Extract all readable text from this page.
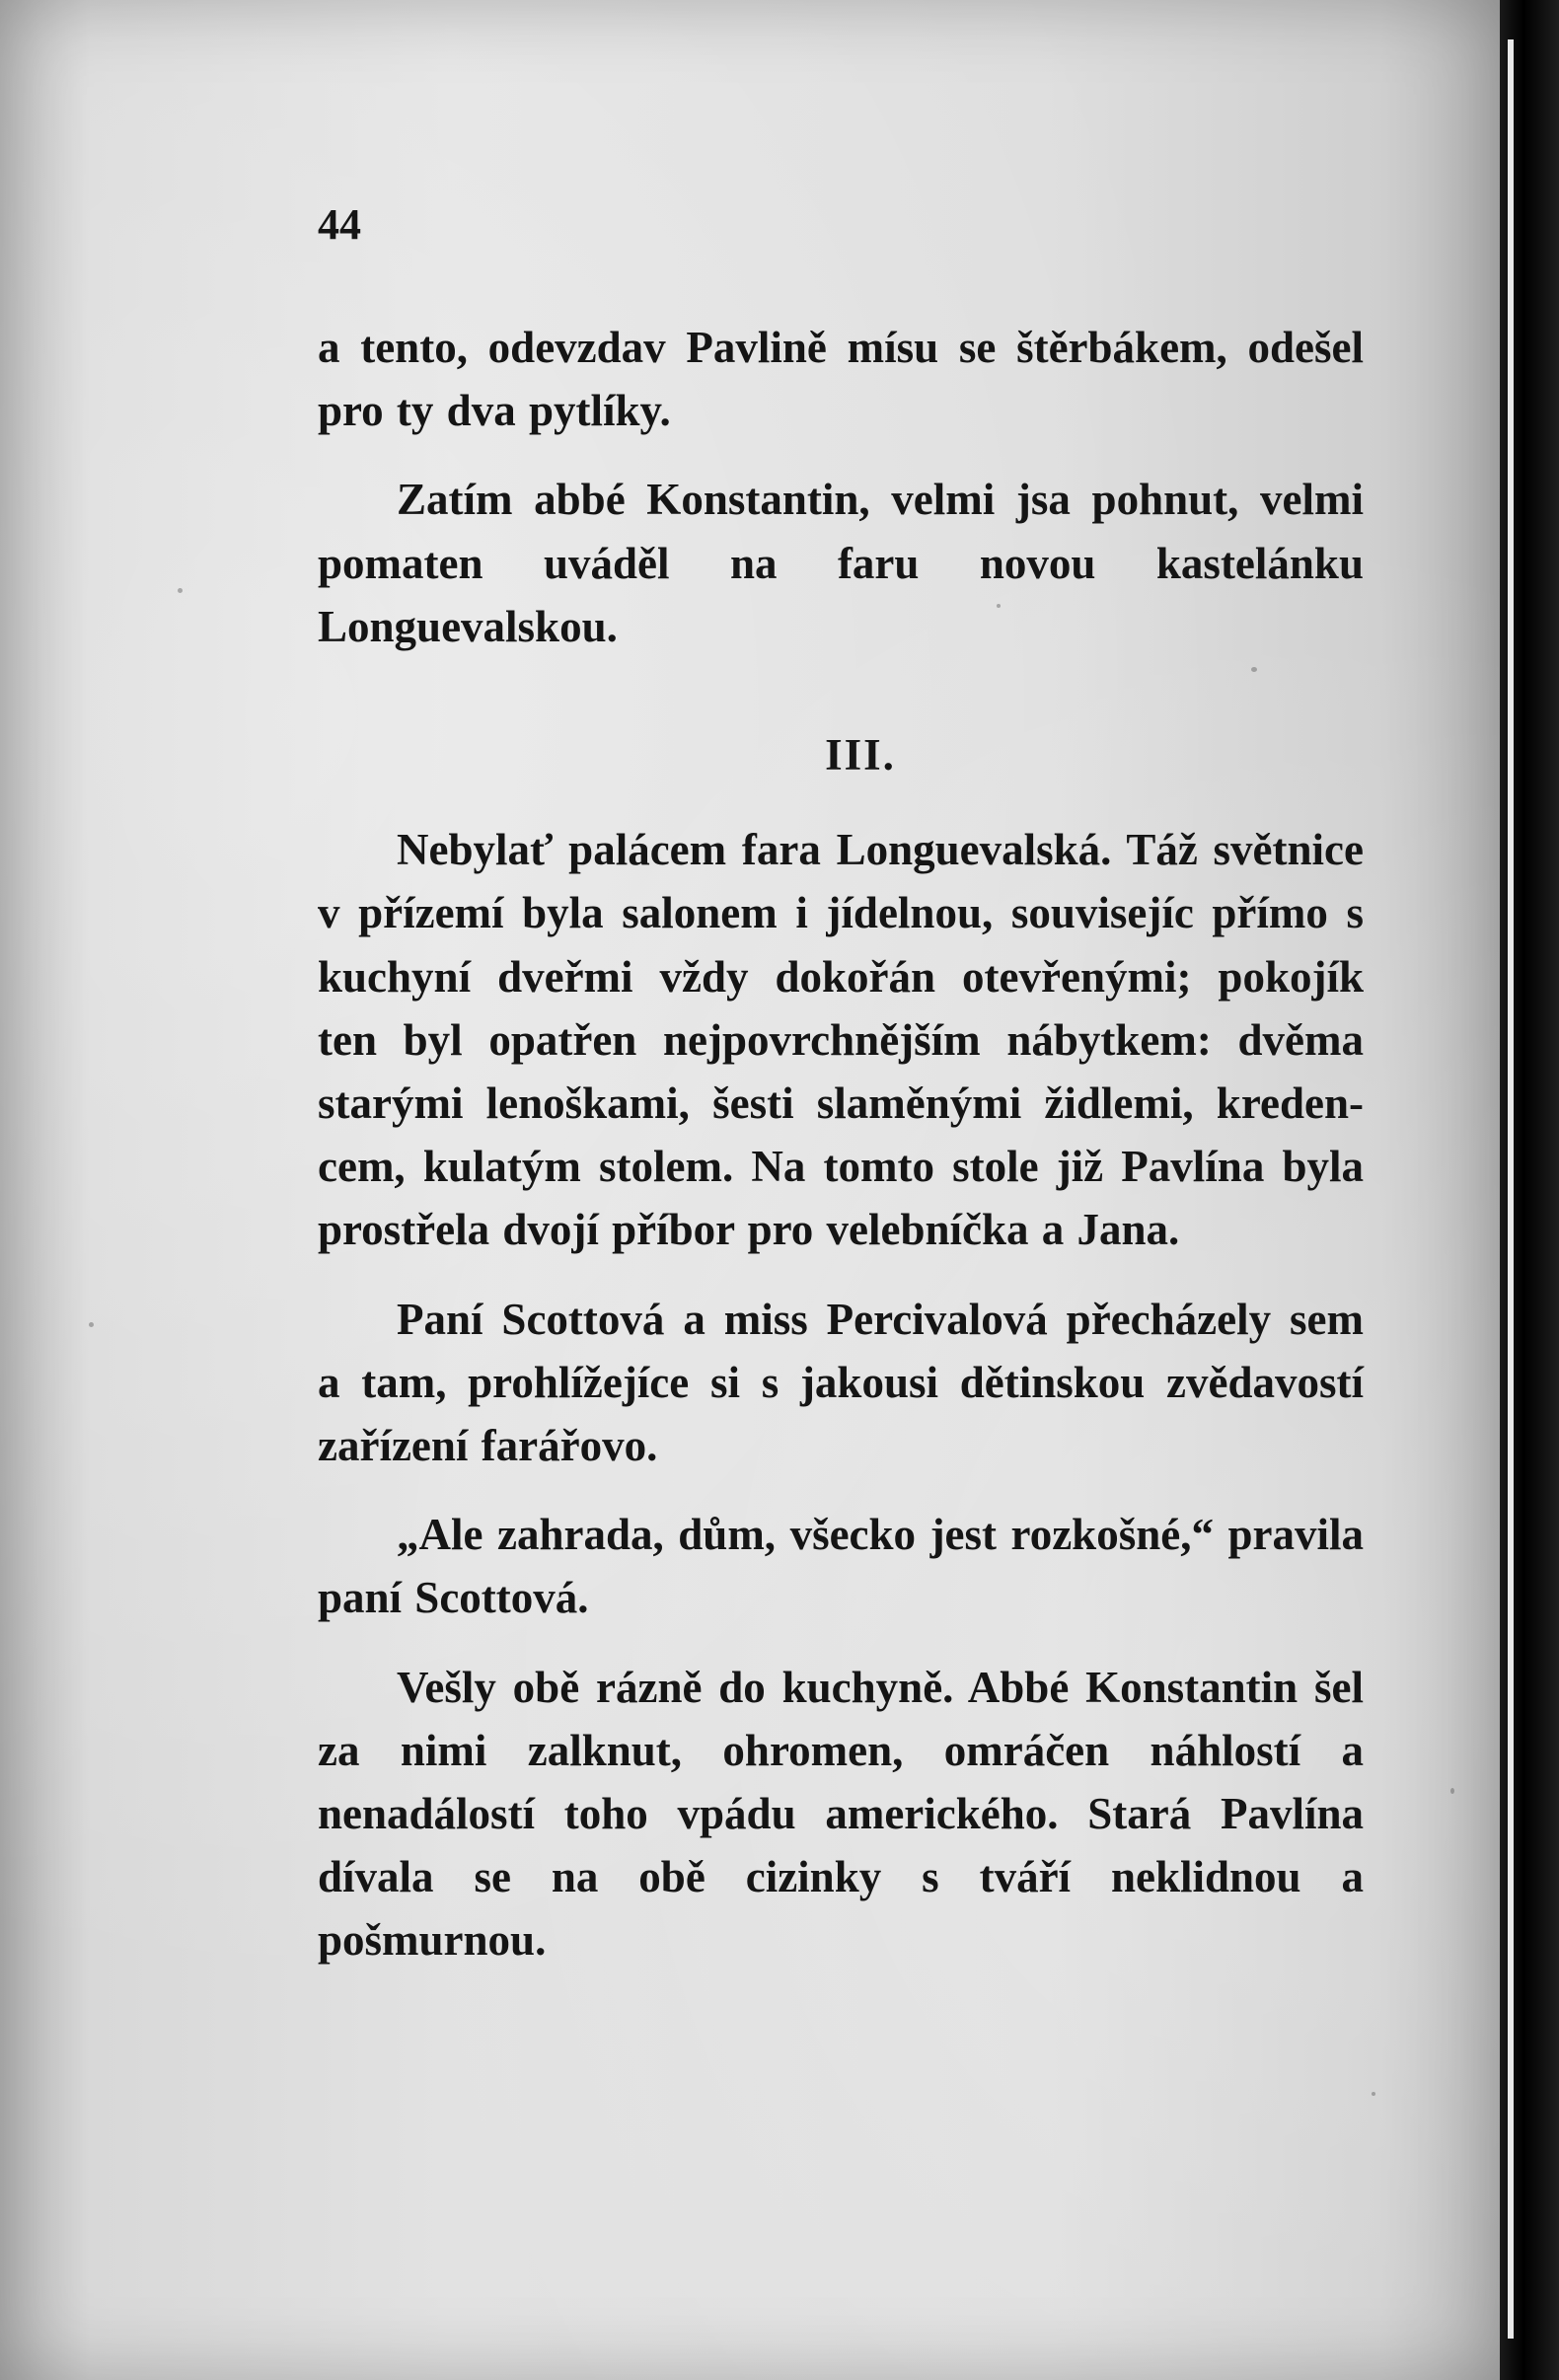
44

a tento, odevzdav Pavlině mísu se štěrbákem, odešel pro ty dva pytlíky.

Zatím abbé Konstantin, velmi jsa pohnut, velmi pomaten uváděl na faru novou kastelánku Longuevalskou.

III.

Nebylať palácem fara Longuevalská. Táž světnice v přízemí byla salonem i jídelnou, souvisejíc přímo s kuchyní dveřmi vždy dokořán otevřenými; pokojík ten byl opatřen nejpovrchnějším nábytkem: dvěma starými lenoškami, šesti slaměnými židlemi, kredencem, kulatým stolem. Na tomto stole již Pavlína byla prostřela dvojí příbor pro velebníčka a Jana.

Paní Scottová a miss Percivalová přecházely sem a tam, prohlížejíce si s jakousi dětinskou zvědavostí zařízení farářovo.

„Ale zahrada, dům, všecko jest rozkošné,“ pravila paní Scottová.

Vešly obě rázně do kuchyně. Abbé Konstantin šel za nimi zalknut, ohromen, omráčen náhlostí a nenadálostí toho vpádu amerického. Stará Pavlína dívala se na obě cizinky s tváří neklidnou a pošmurnou.
